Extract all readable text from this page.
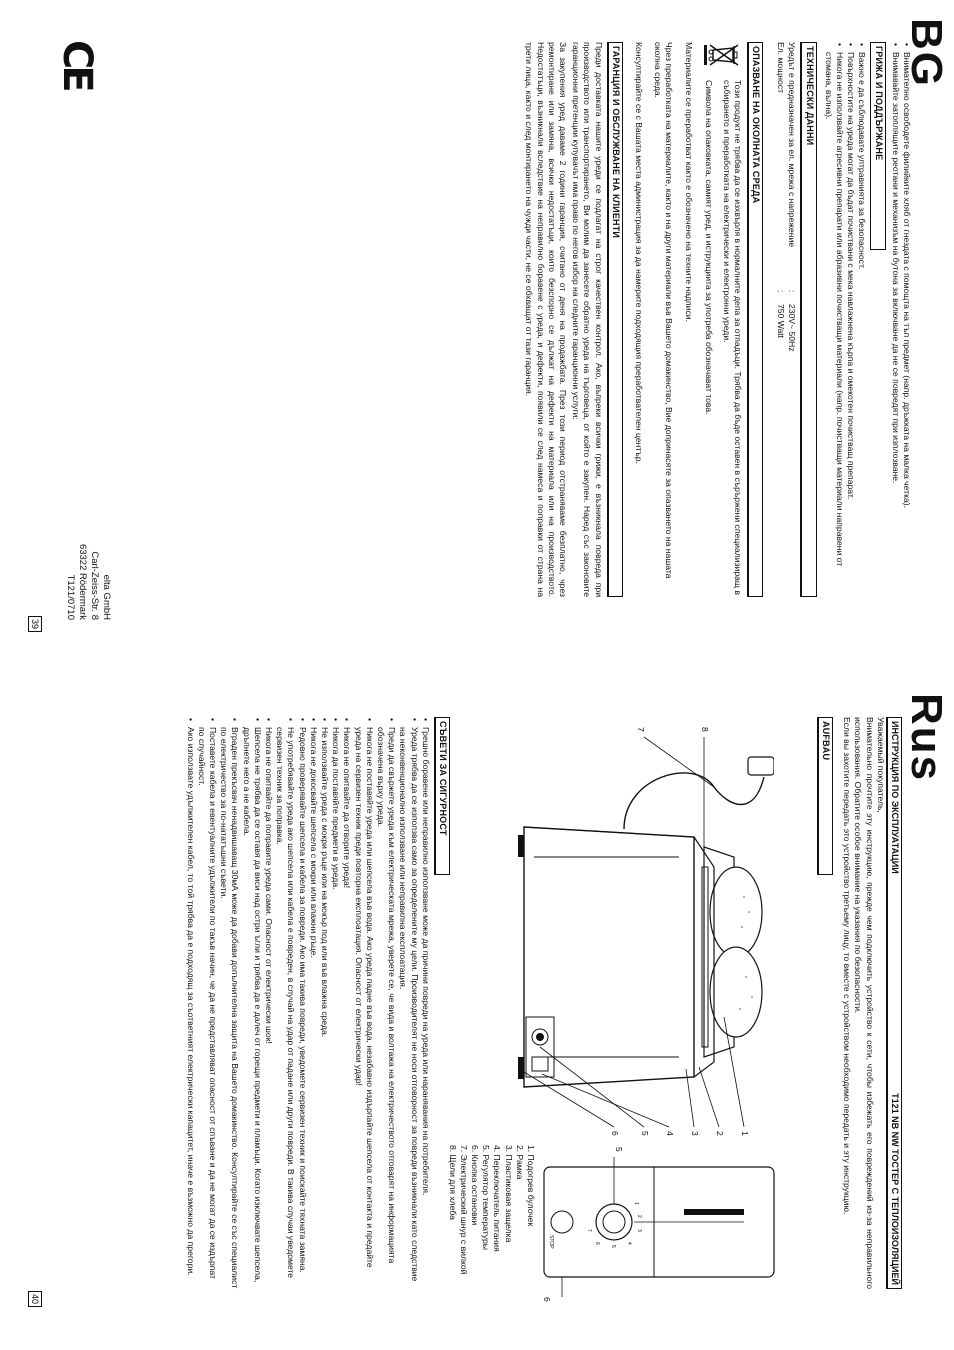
BG
• Внимателно освободете филийките хляб от гнездата с помощта на тъп предмет (напр. дръжката на малка четка).
• Внимавайте затоплящите реотани и механизъм на бутона за включване да не се повредят при изплозване.
ГРИЖА И ПОДДЪРЖАНЕ
• Важно е да съблюдавате ултравнията за безопасност.
• Повърхностите на уреда могат да бъдат почиствани с мека навлажнена кърпа и омекотен почистващ препарат.
• Никога не използвайте агресивни препарати или абразивни почистващи материали (напр. почистващи материали направени от стомана, вълна).
ТЕХНИЧЕСКИ ДАННИ
Уредът е предназначен за ел. мрежа с напрежение
:
230V~ 50Hz
Ел. мощност
:
750 Watt
ОПАЗВАНЕ НА ОКОЛНАТА СРЕДА
Този продукт не трябва да се изхвърля в нормалните депа за отпадъци. Трябва да бъде оставен в сърържени специализиращ в събирането и преработката на електрически и електронни уреди.
Символа на опаковката, самият уред, и иструкциита за употреба обозначават това.
Материалите се преработват както е обозначено на техните надписи.
Чрез преработката на материалите, както и на други материали във Вашето домакинство, Вие допринасяте за опазването на нашата околна среда.
Консултирайте се с Вашата места администрация за да намерите подходящия преработвателен център.
ГАРАНЦИЯ И ОБСЛУЖВАНЕ НА КЛИЕНТИ
Преди доставката нашите уреди се подлагат на строг качествен контрол. Ако, въпреки всички грижи, е възникнала повреда при производството или транспортирането, Ви молим да занесете обратно уреда на търговеца, от който е закупен. Наред със законовите гаранционни претенции купувачът има право по негов избор на следните гаранционни услуги:
За закупения уред даваме 2 години гаранция, считано от деня на продажбата. През този период отстраняваме безплатно, чрез ремонтиране или замяна, всички недостатъци, които безспорно се дължат на дефекти на материала или на производството. Недостатъци, възникнали вследствие на неправилно боравене с уреда, и дефекти, появили се след намеса и поправки от страна на трети лица, както и след монтирането на чужди части, не се обхващат от тази гаранция.
CE
elta GmbH
Carl-Zeiss-Str. 8
63322 Rödermark
T121/0710
39
Rus
ИНСТРУКЦИЯ ПО ЭКСПЛУАТАЦИИ
T121 NB NW ТОСТЕР С ТЕПЛОИЗОЛЯЦИЕЙ
Уважаемый покупатель,
Внимательно прочтите эту инструкцию, прежде чем подключить устройство к сети, чтобы избежать его повреждений из-за неправильного использования. Обратите особое внимание на указания по безопасности.
Если вы захотите передать это устройство третьему лицу, то вместе с устройством необходимо передать и эту инструкцию.
AUFBAU
1
2
3
4
5
6
7	8
5
6
1
2
3
4
5
6
7
STOP
1. Подогрев булочек
2. Рамка
3. Пластиковая защелка
4. Переключатель питания
5. Регулятор температуры
6. Кнопка остановки
7. Электрический шнур с вилкой
8. Щели для хлеба
СЪВЕТИ ЗА СИГУРНОСТ
• Грешно боравене или неправилно използване може да причини повреди на уреда или наранявания на потребителя.
• Уреда трябва да се използва само за определените му цели. Производителят не носи отговорност за повреди възникнали като следствие на неконвенционално използване или неправилна експлоатация.
• Преди да свържете уреда към електрическата мрежа, уверете се, че вида и волтажа на електричеството отговарят на информацията обозначена върху уреда.
• Никога не поставяйте уреда или шепсела във вода. Ако уреда падне във вода, незабавно издърпайте шепсела от контакта и предайте уреда на сервизен техник преди повторна експлоатация. Опасност от електрически удар!
• Никога не опитвайте да отворите уреда!
• Никога да поставяйте предмети в уреда.
• Не използвайте уреда с мокри ръце или на мокър под или във влажна среда.
• Никога не докосвайте шепсела с мокри или влажни ръце.
• Редовно проверявайте шепсела и кабела за повреди. Ако има такива повреди, уведомете сервизен техник и поискайте тяхната замяна.
• Не употребявайте уреда ако шепсела или кабела е повреден, в случай на удар от падане или други повреди. В такива случаи уведомете сервизен техник за поправка.
• Никога не опитвайте да поправите уреда сами. Опасност от електрически шок!
• Шепсела не трябва да се оставя да виси над остри ъгли и трябва да е далеч от горещи предмети и пламъци. Когато изключвате шепсела, дръпнете него а не кабела.
• Вграден прекъсвач ненадвишаващ 30мА може да добави допълнителна защита на Вашето домакинство. Консултирайте се със специалист по електричество за по-нататъшни съвети.
• Поставете кабела и евентуалните удължители по такъв начин, че да не представляват опасност от спъване и да не могат да се издърпат по случайност.
• Ако използвате удължителен кабел, то той трябва да е подходящ за съответният електрически капацитет, иначе е възможно да прегори.
40
